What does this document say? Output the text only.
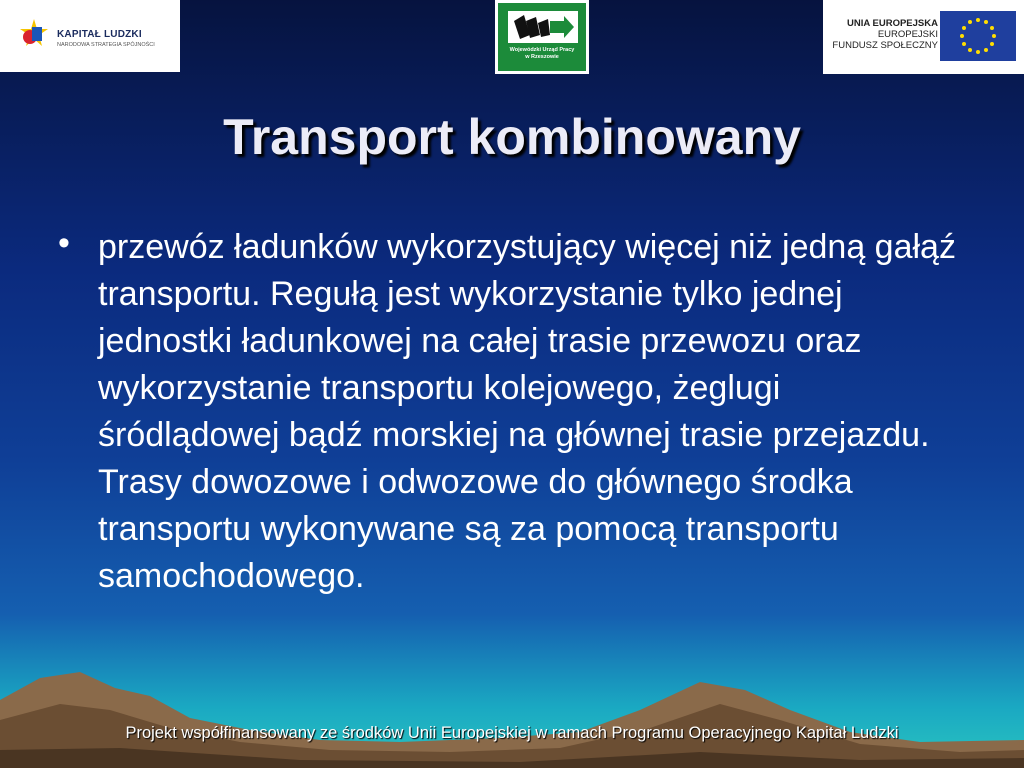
KAPITAŁ LUDZKI
NARODOWA STRATEGIA SPÓJNOŚCI
Wojewódzki Urząd Pracy
w Rzeszowie
UNIA EUROPEJSKA
EUROPEJSKI
FUNDUSZ SPOŁECZNY
Transport kombinowany
• przewóz ładunków wykorzystujący więcej niż jedną gałąź transportu. Regułą jest wykorzystanie tylko jednej jednostki ładunkowej na całej trasie przewozu oraz wykorzystanie transportu kolejowego, żeglugi śródlądowej bądź morskiej na głównej trasie przejazdu. Trasy dowozowe i odwozowe do głównego środka transportu wykonywane są za pomocą transportu samochodowego.
Projekt współfinansowany ze środków Unii Europejskiej w ramach Programu Operacyjnego Kapitał Ludzki
